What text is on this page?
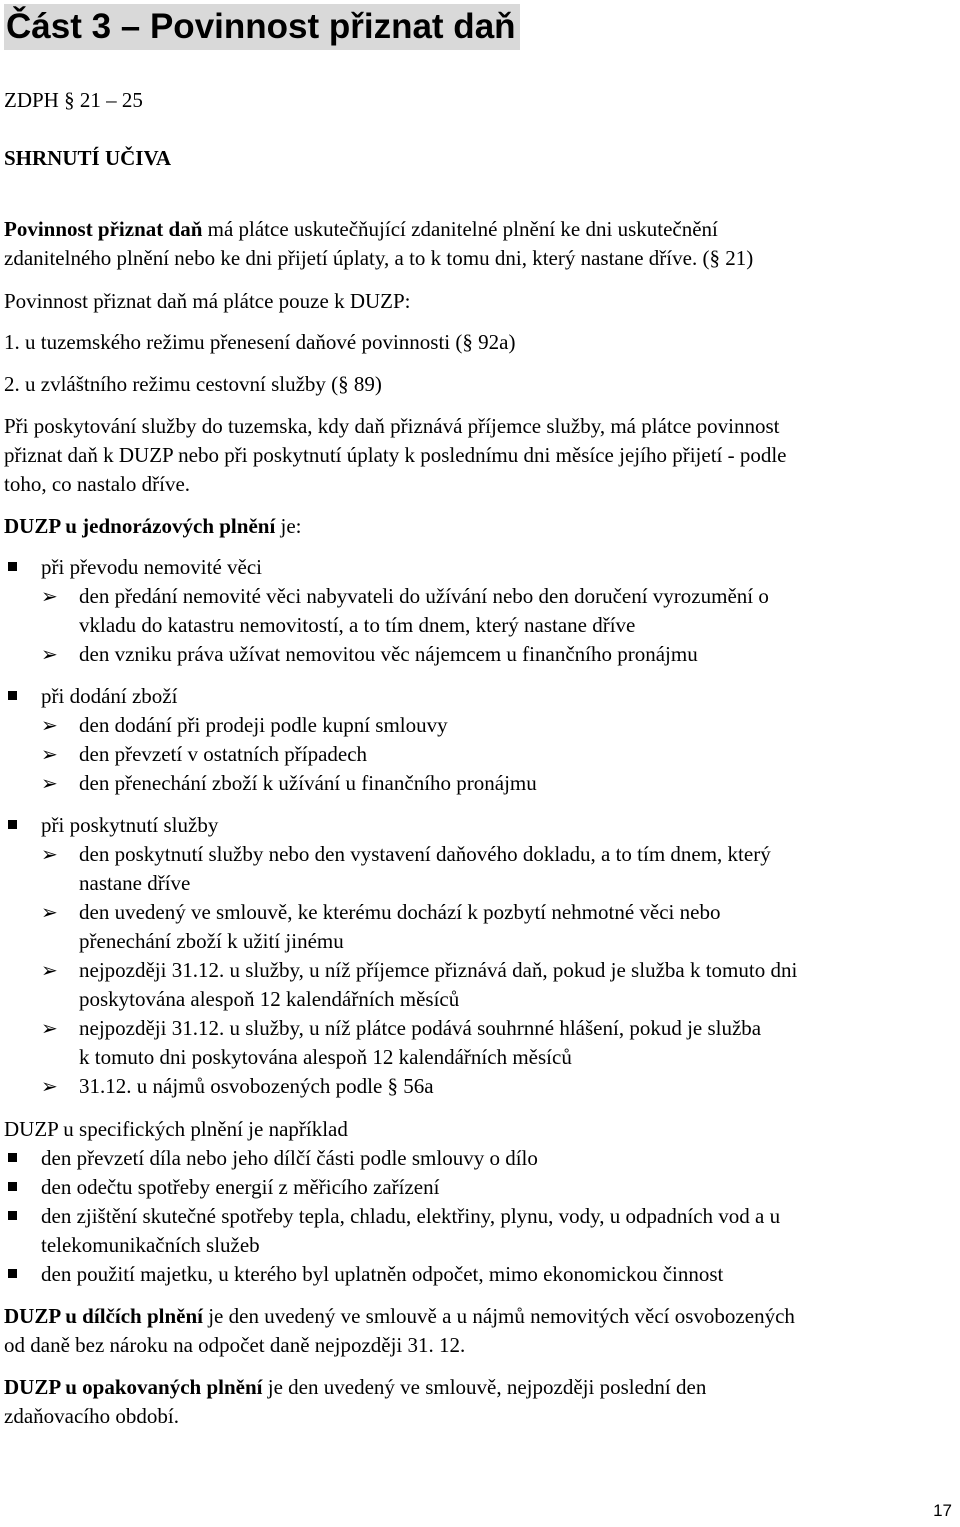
Část 3 – Povinnost přiznat daň
ZDPH § 21 – 25
SHRNUTÍ UČIVA
Povinnost přiznat daň má plátce uskutečňující zdanitelné plnění ke dni uskutečnění
zdanitelného plnění nebo ke dni přijetí úplaty, a to k tomu dni, který nastane dříve. (§ 21)
Povinnost přiznat daň má plátce pouze k DUZP:
1. u tuzemského režimu přenesení daňové povinnosti (§ 92a)
2. u zvláštního režimu cestovní služby (§ 89)
Při poskytování služby do tuzemska, kdy daň přiznává příjemce služby, má plátce povinnost
přiznat daň k DUZP nebo při poskytnutí úplaty k poslednímu dni měsíce jejího přijetí - podle
toho, co nastalo dříve.
DUZP u jednorázových plnění je:
při převodu nemovité věci
➢ den předání nemovité věci nabyvateli do užívání nebo den doručení vyrozumění o
vkladu do katastru nemovitostí, a to tím dnem, který nastane dříve
➢ den vzniku práva užívat nemovitou věc nájemcem u finančního pronájmu
při dodání zboží
➢ den dodání při prodeji podle kupní smlouvy
➢ den převzetí v ostatních případech
➢ den přenechání zboží k užívání u finančního pronájmu
při poskytnutí služby
➢ den poskytnutí služby nebo den vystavení daňového dokladu, a to tím dnem, který
nastane dříve
➢ den uvedený ve smlouvě, ke kterému dochází k pozbytí nehmotné věci nebo
přenechání zboží k užití jinému
➢ nejpozději 31.12. u služby, u níž příjemce přiznává daň, pokud je služba k tomuto dni
poskytována alespoň 12 kalendářních měsíců
➢ nejpozději 31.12. u služby, u níž plátce podává souhrnné hlášení, pokud je služba
k tomuto dni poskytována alespoň 12 kalendářních měsíců
➢ 31.12. u nájmů osvobozených podle § 56a
DUZP u specifických plnění je například
den převzetí díla nebo jeho dílčí části podle smlouvy o dílo
den odečtu spotřeby energií z měřicího zařízení
den zjištění skutečné spotřeby tepla, chladu, elektřiny, plynu, vody, u odpadních vod a u
telekomunikačních služeb
den použití majetku, u kterého byl uplatněn odpočet, mimo ekonomickou činnost
DUZP u dílčích plnění je den uvedený ve smlouvě a u nájmů nemovitých věcí osvobozených
od daně bez nároku na odpočet daně nejpozději 31. 12.
DUZP u opakovaných plnění je den uvedený ve smlouvě, nejpozději poslední den
zdaňovacího období.
17
